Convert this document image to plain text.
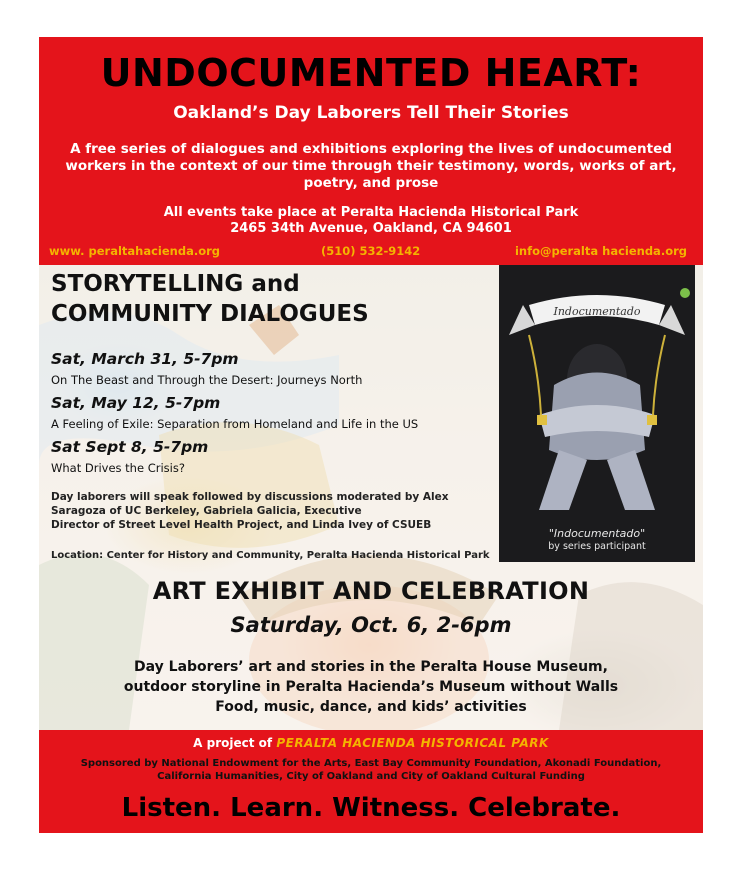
UNDOCUMENTED HEART:
Oakland’s Day Laborers Tell Their Stories
A free series of dialogues and exhibitions exploring the lives of undocumented workers in the context of our time through their testimony, words, works of art, poetry, and prose
All events take place at Peralta Hacienda Historical Park
2465 34th Avenue, Oakland, CA 94601
www. peraltahacienda.org	(510) 532-9142	info@peralta hacienda.org
STORYTELLING and
COMMUNITY DIALOGUES
Sat, March 31, 5-7pm
On The Beast and Through the Desert: Journeys North
Sat, May 12, 5-7pm
A Feeling of Exile: Separation from Homeland and Life in the US
Sat Sept 8, 5-7pm
What Drives the Crisis?
Day laborers will speak followed by discussions moderated by Alex
Saragoza of UC Berkeley, Gabriela Galicia, Executive
Director of Street Level Health Project, and Linda Ivey of CSUEB
Location: Center for History and Community, Peralta Hacienda Historical Park
Indocumentado
"Indocumentado"
by series participant
ART EXHIBIT AND CELEBRATION
Saturday, Oct. 6, 2-6pm
Day Laborers’ art and stories in the Peralta House Museum,
outdoor storyline in Peralta Hacienda’s Museum without Walls
Food, music, dance, and kids’ activities
A project of PERALTA HACIENDA HISTORICAL PARK
Sponsored by National Endowment for the Arts, East Bay Community Foundation, Akonadi Foundation,
California Humanities, City of Oakland and City of Oakland Cultural Funding
Listen. Learn. Witness. Celebrate.
